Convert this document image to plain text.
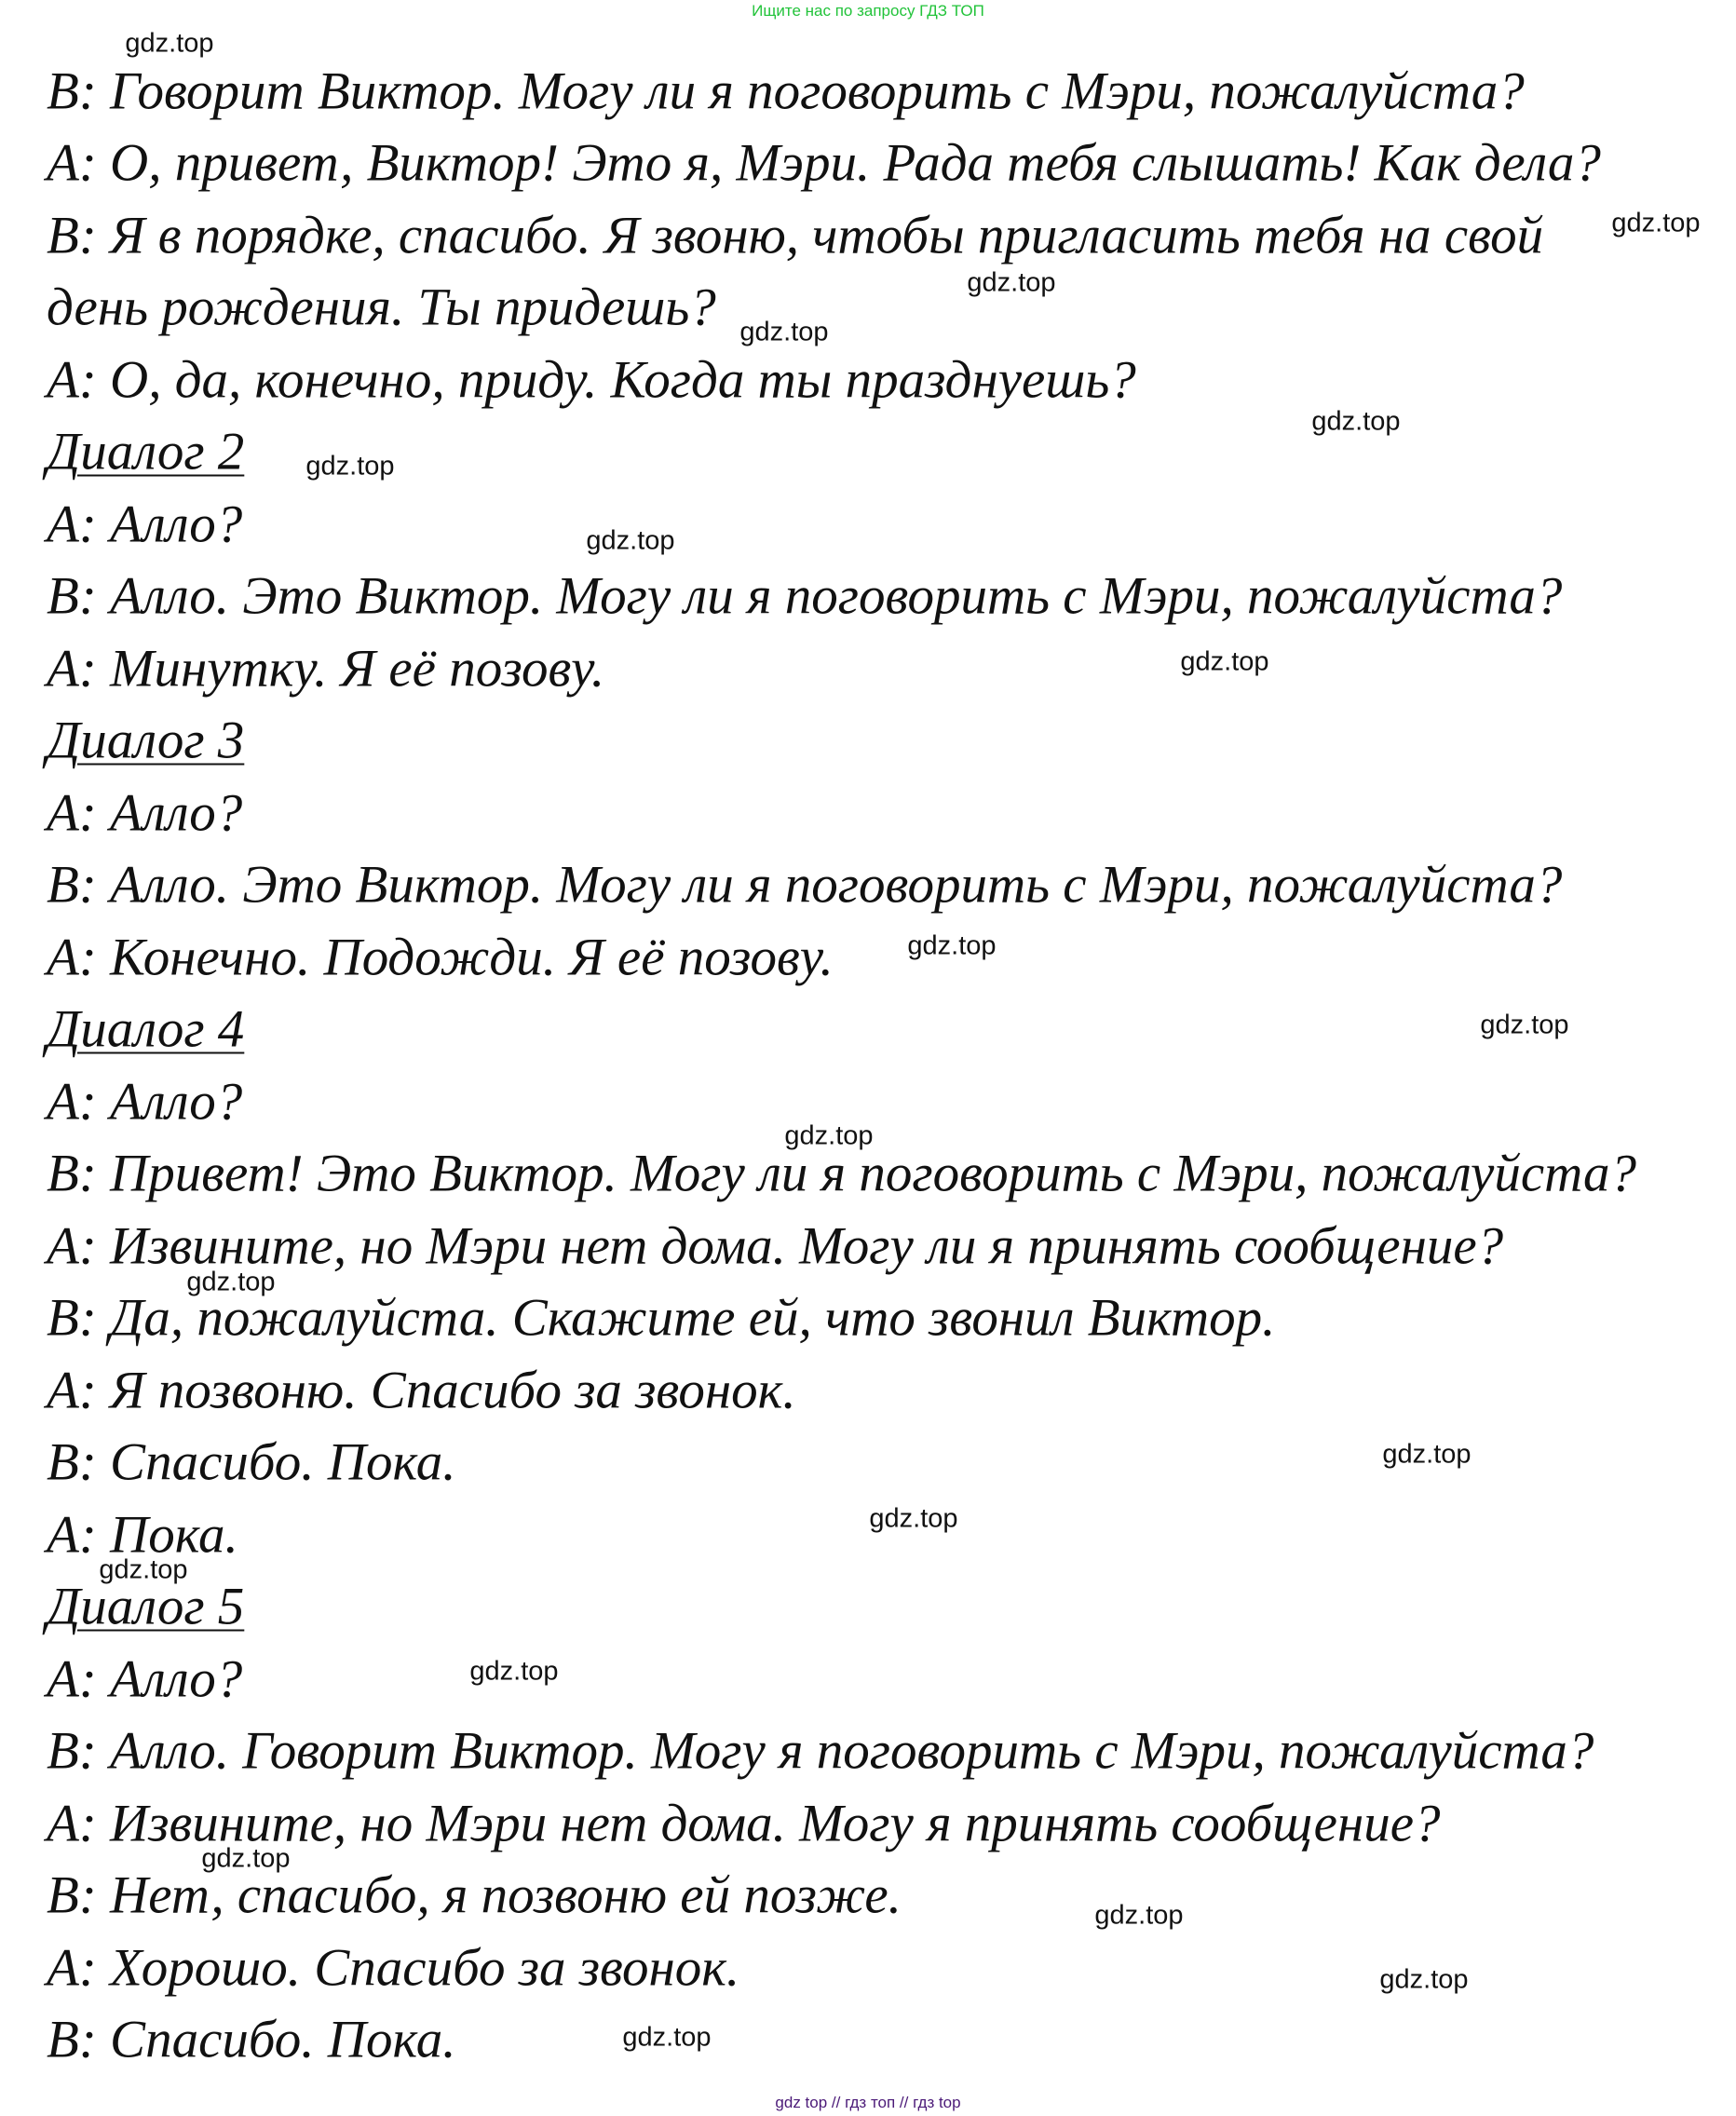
Ищите нас по запросу ГДЗ ТОП
B: Говорит Виктор. Могу ли я поговорить с Мэри, пожалуйста?
A: О, привет, Виктор! Это я, Мэри. Рада тебя слышать! Как дела?
B: Я в порядке, спасибо. Я звоню, чтобы пригласить тебя на свой
день рождения. Ты придешь?
A: О, да, конечно, приду. Когда ты празднуешь?
Диалог 2
A: Алло?
B: Алло. Это Виктор. Могу ли я поговорить с Мэри, пожалуйста?
A: Минутку. Я её позову.
Диалог 3
A: Алло?
B: Алло. Это Виктор. Могу ли я поговорить с Мэри, пожалуйста?
A: Конечно. Подожди. Я её позову.
Диалог 4
A: Алло?
B: Привет! Это Виктор. Могу ли я поговорить с Мэри, пожалуйста?
A: Извините, но Мэри нет дома. Могу ли я принять сообщение?
B: Да, пожалуйста. Скажите ей, что звонил Виктор.
A: Я позвоню. Спасибо за звонок.
B: Спасибо. Пока.
A: Пока.
Диалог 5
A: Алло?
B: Алло. Говорит Виктор. Могу я поговорить с Мэри, пожалуйста?
A: Извините, но Мэри нет дома. Могу я принять сообщение?
B: Нет, спасибо, я позвоню ей позже.
A: Хорошо. Спасибо за звонок.
B: Спасибо. Пока.
gdz.top
gdz.top
gdz.top
gdz.top
gdz.top
gdz.top
gdz.top
gdz.top
gdz.top
gdz.top
gdz.top
gdz.top
gdz.top
gdz.top
gdz.top
gdz.top
gdz.top
gdz.top
gdz.top
gdz.top
gdz top // гдз топ // гдз top
